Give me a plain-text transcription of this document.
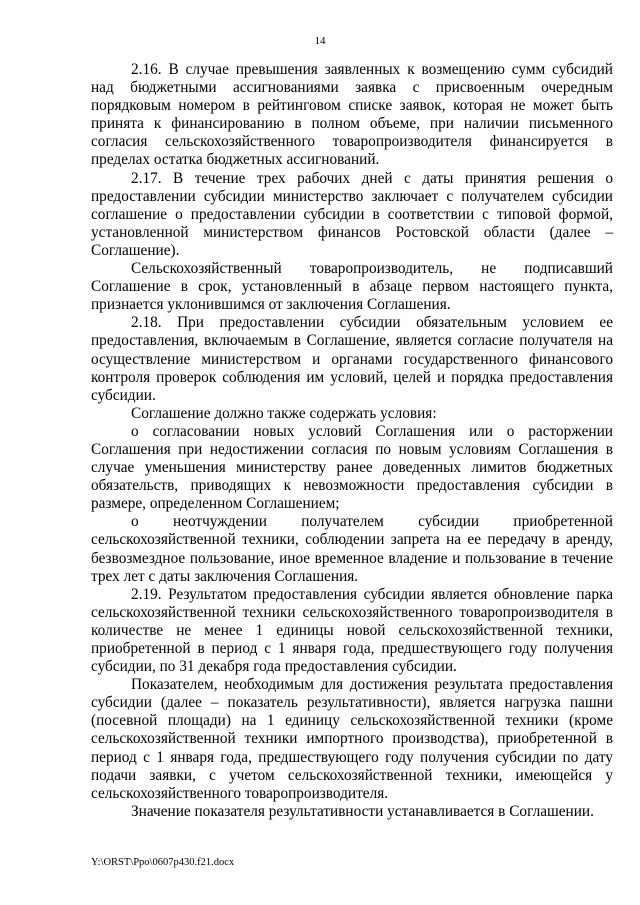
14

2.16. В случае превышения заявленных к возмещению сумм субсидий над бюджетными ассигнованиями заявка с присвоенным очередным порядковым номером в рейтинговом списке заявок, которая не может быть принята к финансированию в полном объеме, при наличии письменного согласия сельскохозяйственного товаропроизводителя финансируется в пределах остатка бюджетных ассигнований.

2.17. В течение трех рабочих дней с даты принятия решения о предоставлении субсидии министерство заключает с получателем субсидии соглашение о предоставлении субсидии в соответствии с типовой формой, установленной министерством финансов Ростовской области (далее – Соглашение).

Сельскохозяйственный товаропроизводитель, не подписавший Соглашение в срок, установленный в абзаце первом настоящего пункта, признается уклонившимся от заключения Соглашения.

2.18. При предоставлении субсидии обязательным условием ее предоставления, включаемым в Соглашение, является согласие получателя на осуществление министерством и органами государственного финансового контроля проверок соблюдения им условий, целей и порядка предоставления субсидии.

Соглашение должно также содержать условия:

о согласовании новых условий Соглашения или о расторжении Соглашения при недостижении согласия по новым условиям Соглашения в случае уменьшения министерству ранее доведенных лимитов бюджетных обязательств, приводящих к невозможности предоставления субсидии в размере, определенном Соглашением;

о неотчуждении получателем субсидии приобретенной сельскохозяйственной техники, соблюдении запрета на ее передачу в аренду, безвозмездное пользование, иное временное владение и пользование в течение трех лет с даты заключения Соглашения.

2.19. Результатом предоставления субсидии является обновление парка сельскохозяйственной техники сельскохозяйственного товаропроизводителя в количестве не менее 1 единицы новой сельскохозяйственной техники, приобретенной в период с 1 января года, предшествующего году получения субсидии, по 31 декабря года предоставления субсидии.

Показателем, необходимым для достижения результата предоставления субсидии (далее – показатель результативности), является нагрузка пашни (посевной площади) на 1 единицу сельскохозяйственной техники (кроме сельскохозяйственной техники импортного производства), приобретенной в период с 1 января года, предшествующего году получения субсидии по дату подачи заявки, с учетом сельскохозяйственной техники, имеющейся у сельскохозяйственного товаропроизводителя.

Значение показателя результативности устанавливается в Соглашении.

Y:\ORST\Ppo\0607p430.f21.docx
